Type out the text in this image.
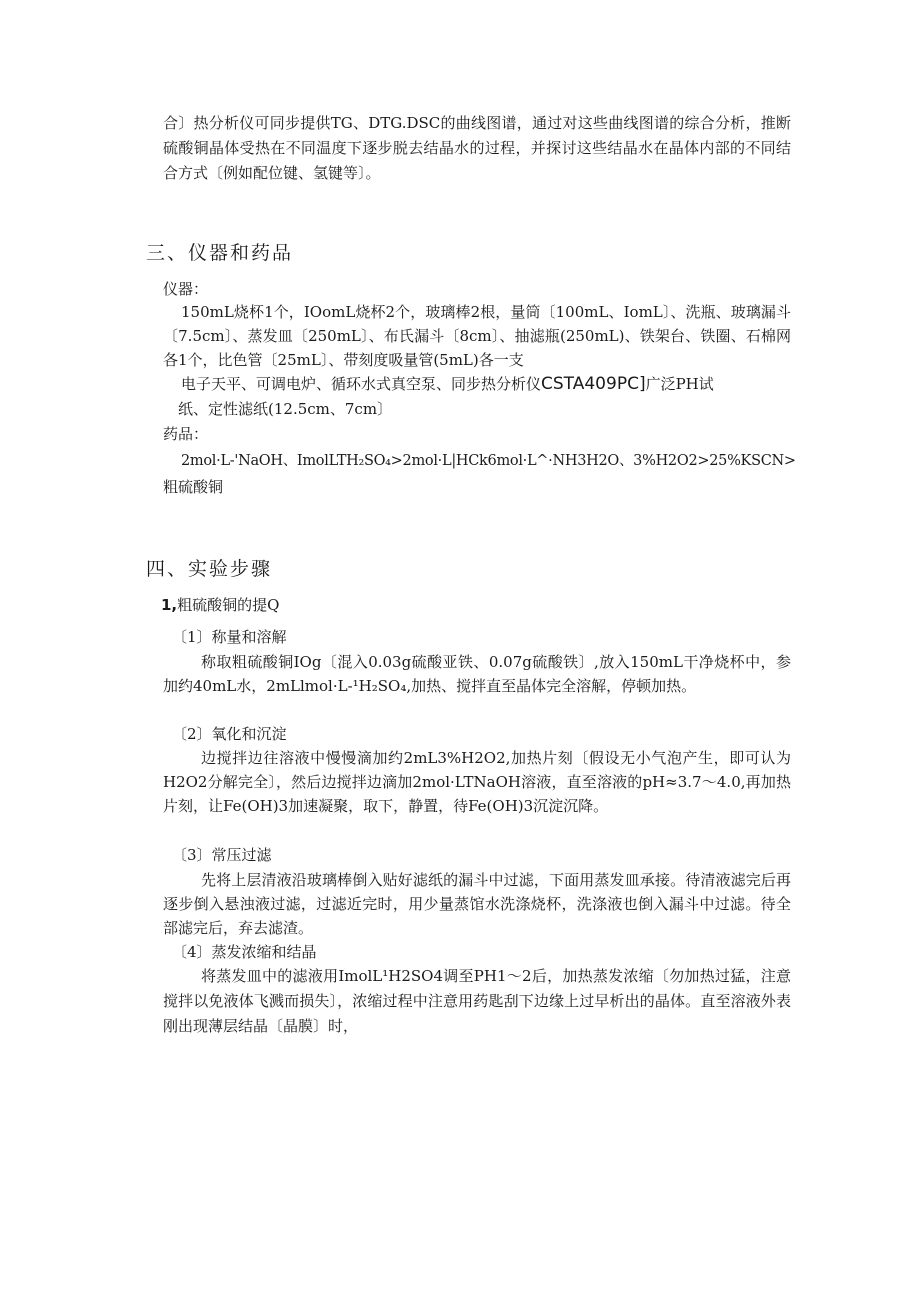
合〕热分析仪可同步提供TG、DTG.DSC的曲线图谱，通过对这些曲线图谱的综合分析，推断硫酸铜晶体受热在不同温度下逐步脱去结晶水的过程，并探讨这些结晶水在晶体内部的不同结合方式〔例如配位键、氢键等〕。

三、仪器和药品

仪器：

150mL烧杯1个，IOomL烧杯2个，玻璃棒2根，量筒〔100mL、IomL〕、洗瓶、玻璃漏斗〔7.5cm〕、蒸发皿〔250mL〕、布氏漏斗〔8cm〕、抽滤瓶(250mL)、铁架台、铁圈、石棉网各1个，比色管〔25mL〕、带刻度吸量管(5mL)各一支

电子天平、可调电炉、循环水式真空泵、同步热分析仪CSTA409PC]广泛PH试

纸、定性滤纸(12.5cm、7cm〕

药品：

2mol·L-'NaOH、ImolLTH₂SO₄>2mol·L|HCk6mol·L^·NH3H2O、3%H2O2>25%KSCN>

粗硫酸铜

四、实验步骤

1,粗硫酸铜的提Q

〔1〕称量和溶解

称取粗硫酸铜IOg〔混入0.03g硫酸亚铁、0.07g硫酸铁〕,放入150mL干净烧杯中，参加约40mL水，2mLlmol·L-¹H₂SO₄,加热、搅拌直至晶体完全溶解，停顿加热。

〔2〕氧化和沉淀

边搅拌边往溶液中慢慢滴加约2mL3%H2O2,加热片刻〔假设无小气泡产生，即可认为H2O2分解完全〕，然后边搅拌边滴加2mol·LTNaOH溶液，直至溶液的pH≈3.7～4.0,再加热片刻，让Fe(OH)3加速凝聚，取下，静置，待Fe(OH)3沉淀沉降。

〔3〕常压过滤

先将上层清液沿玻璃棒倒入贴好滤纸的漏斗中过滤，下面用蒸发皿承接。待清液滤完后再逐步倒入悬浊液过滤，过滤近完时，用少量蒸馆水洗涤烧杯，洗涤液也倒入漏斗中过滤。待全部滤完后，弃去滤渣。

〔4〕蒸发浓缩和结晶

将蒸发皿中的滤液用ImolL¹H2SO4调至PH1～2后，加热蒸发浓缩〔勿加热过猛，注意搅拌以免液体飞溅而损失〕，浓缩过程中注意用药匙刮下边缘上过早析出的晶体。直至溶液外表刚出现薄层结晶〔晶膜〕时，
